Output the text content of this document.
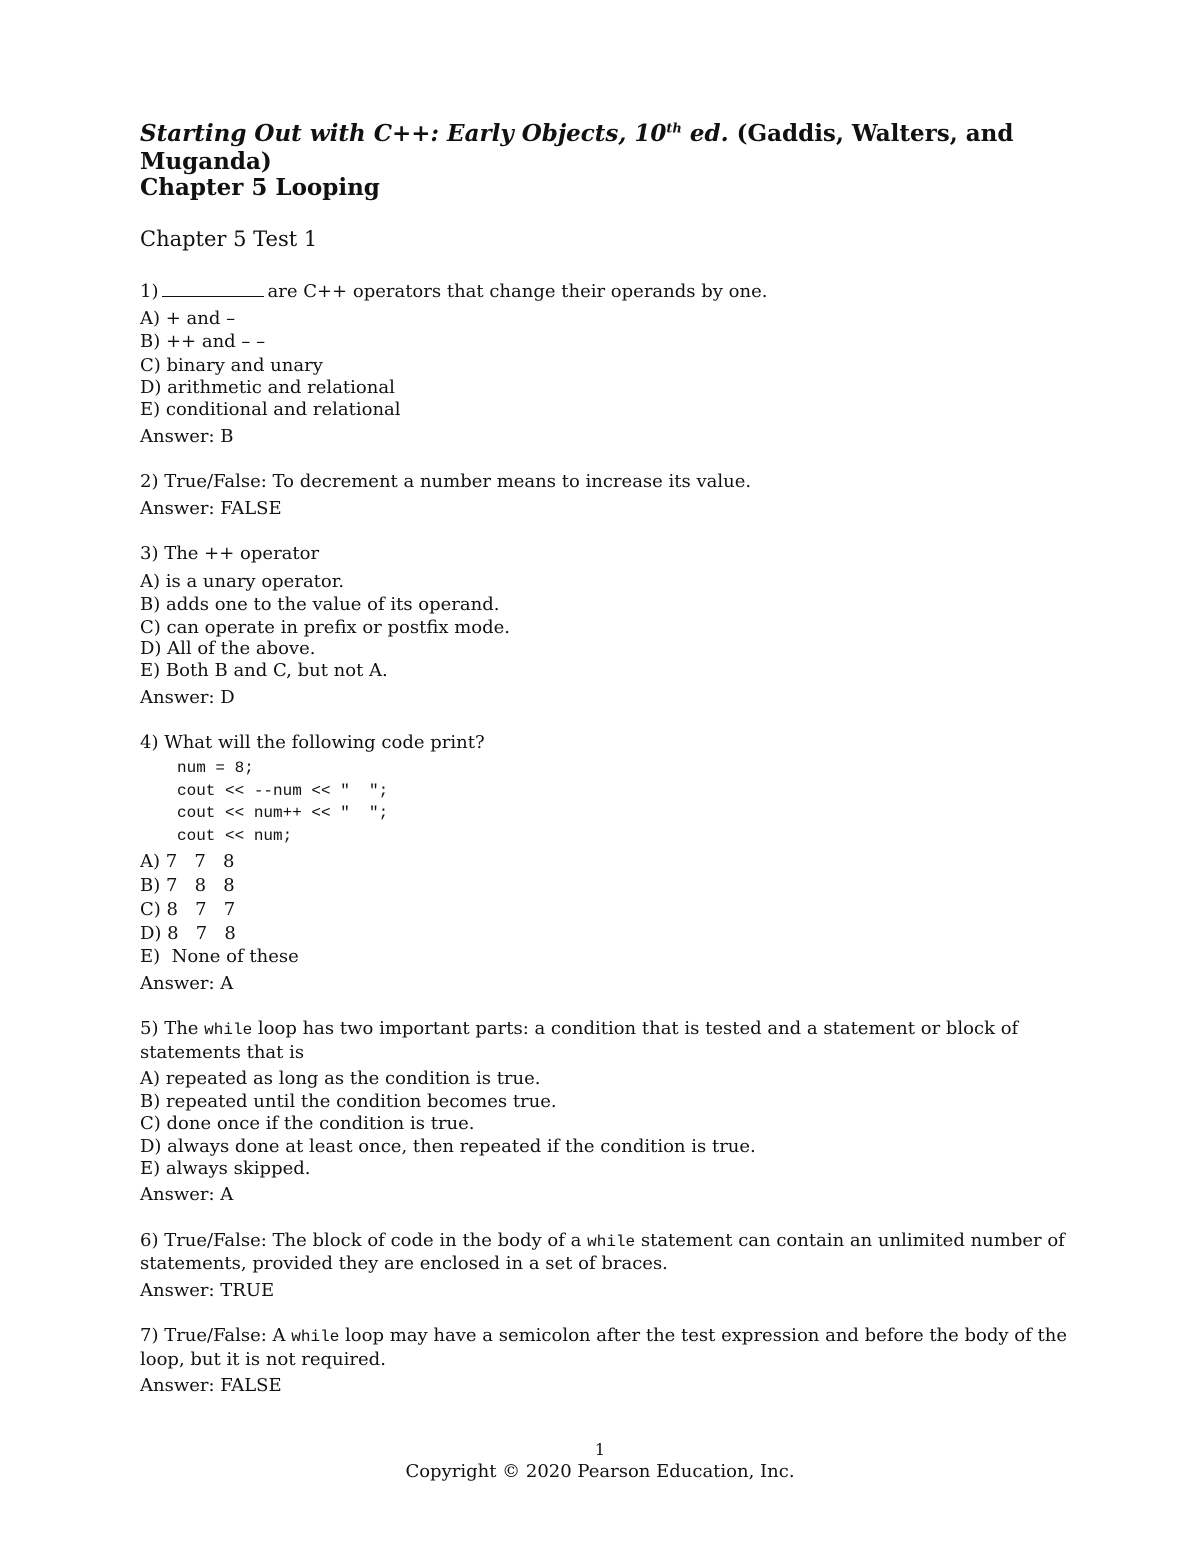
Starting Out with C++: Early Objects, 10th ed. (Gaddis, Walters, and
Muganda)
Chapter 5 Looping
Chapter 5 Test 1
1)	are C++ operators that change their operands by one.
A) + and –
B) ++ and – –
C) binary and unary
D) arithmetic and relational
E) conditional and relational
Answer: B
2) True/False: To decrement a number means to increase its value.
Answer: FALSE
3) The ++ operator
A) is a unary operator.
B) adds one to the value of its operand.
C) can operate in prefix or postfix mode.
D) All of the above.
E) Both B and C, but not A.
Answer: D
4) What will the following code print?
num = 8;
cout << --num << "  ";
cout << num++ << "  ";
cout << num;
A) 7   7   8
B) 7   8   8
C) 8   7   7
D) 8   7   8
E)  None of these
Answer: A
5) The while loop has two important parts: a condition that is tested and a statement or block of
statements that is
A) repeated as long as the condition is true.
B) repeated until the condition becomes true.
C) done once if the condition is true.
D) always done at least once, then repeated if the condition is true.
E) always skipped.
Answer: A
6) True/False: The block of code in the body of a while statement can contain an unlimited number of
statements, provided they are enclosed in a set of braces.
Answer: TRUE
7) True/False: A while loop may have a semicolon after the test expression and before the body of the
loop, but it is not required.
Answer: FALSE
1
Copyright © 2020 Pearson Education, Inc.
